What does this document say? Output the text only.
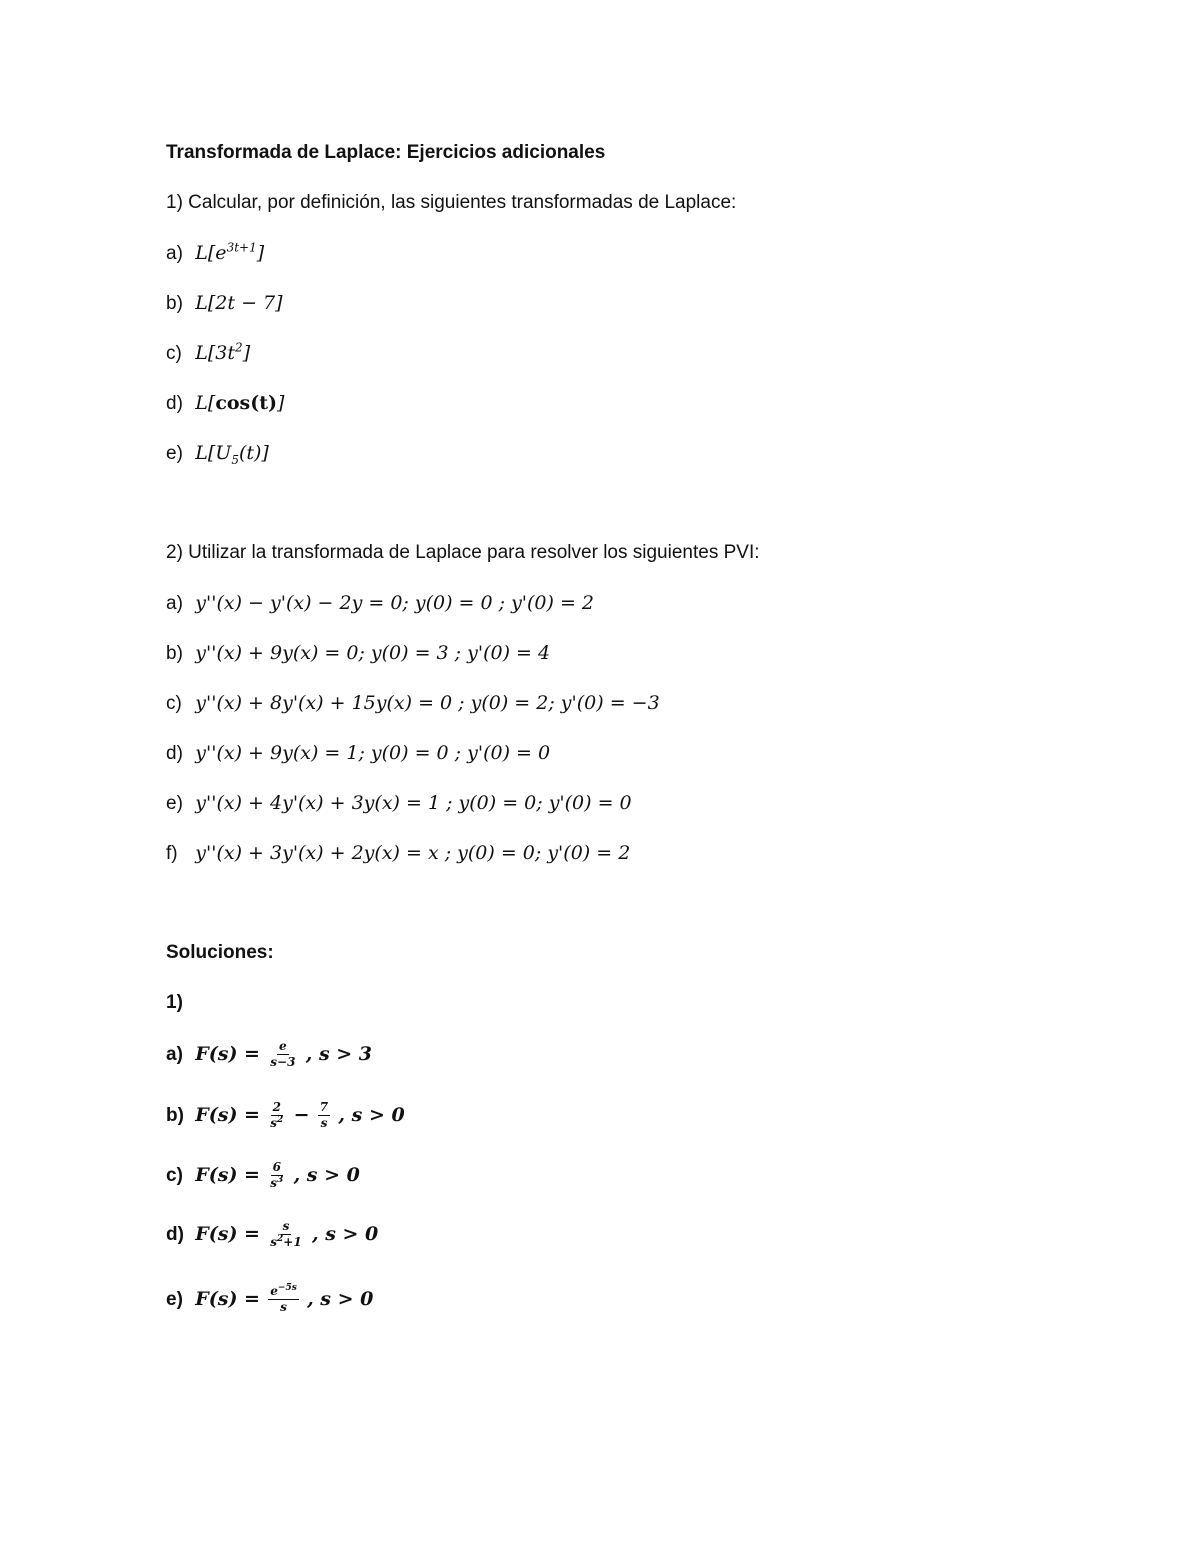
Transformada de Laplace: Ejercicios adicionales
1) Calcular, por definición, las siguientes transformadas de Laplace:
a) $L[e^{3t+1}]$
b) L[2t − 7]
c) $L[3t^2]$
d) L[cos(t)]
e) $L[U_5(t)]$
2) Utilizar la transformada de Laplace para resolver los siguientes PVI:
a) y''(x) − y'(x) − 2y = 0; y(0) = 0 ; y'(0) = 2
b) y''(x) + 9y(x) = 0; y(0) = 3 ; y'(0) = 4
c) y''(x) + 8y'(x) + 15y(x) = 0 ; y(0) = 2; y'(0) = −3
d) y''(x) + 9y(x) = 1; y(0) = 0 ; y'(0) = 0
e) y''(x) + 4y'(x) + 3y(x) = 1 ; y(0) = 0; y'(0) = 0
f) y''(x) + 3y'(x) + 2y(x) = x ; y(0) = 0; y'(0) = 2
Soluciones:
1)
a) $F(s) = \frac{e}{s-3}$ , s > 3
b) $F(s) = \frac{2}{s^2} - \frac{7}{s}$ , s > 0
c) $F(s) = \frac{6}{s^3}$ , s > 0
d) $F(s) = \frac{s}{s^2+1}$ , s > 0
e) $F(s) = \frac{e^{-5s}}{s}$ , s > 0
